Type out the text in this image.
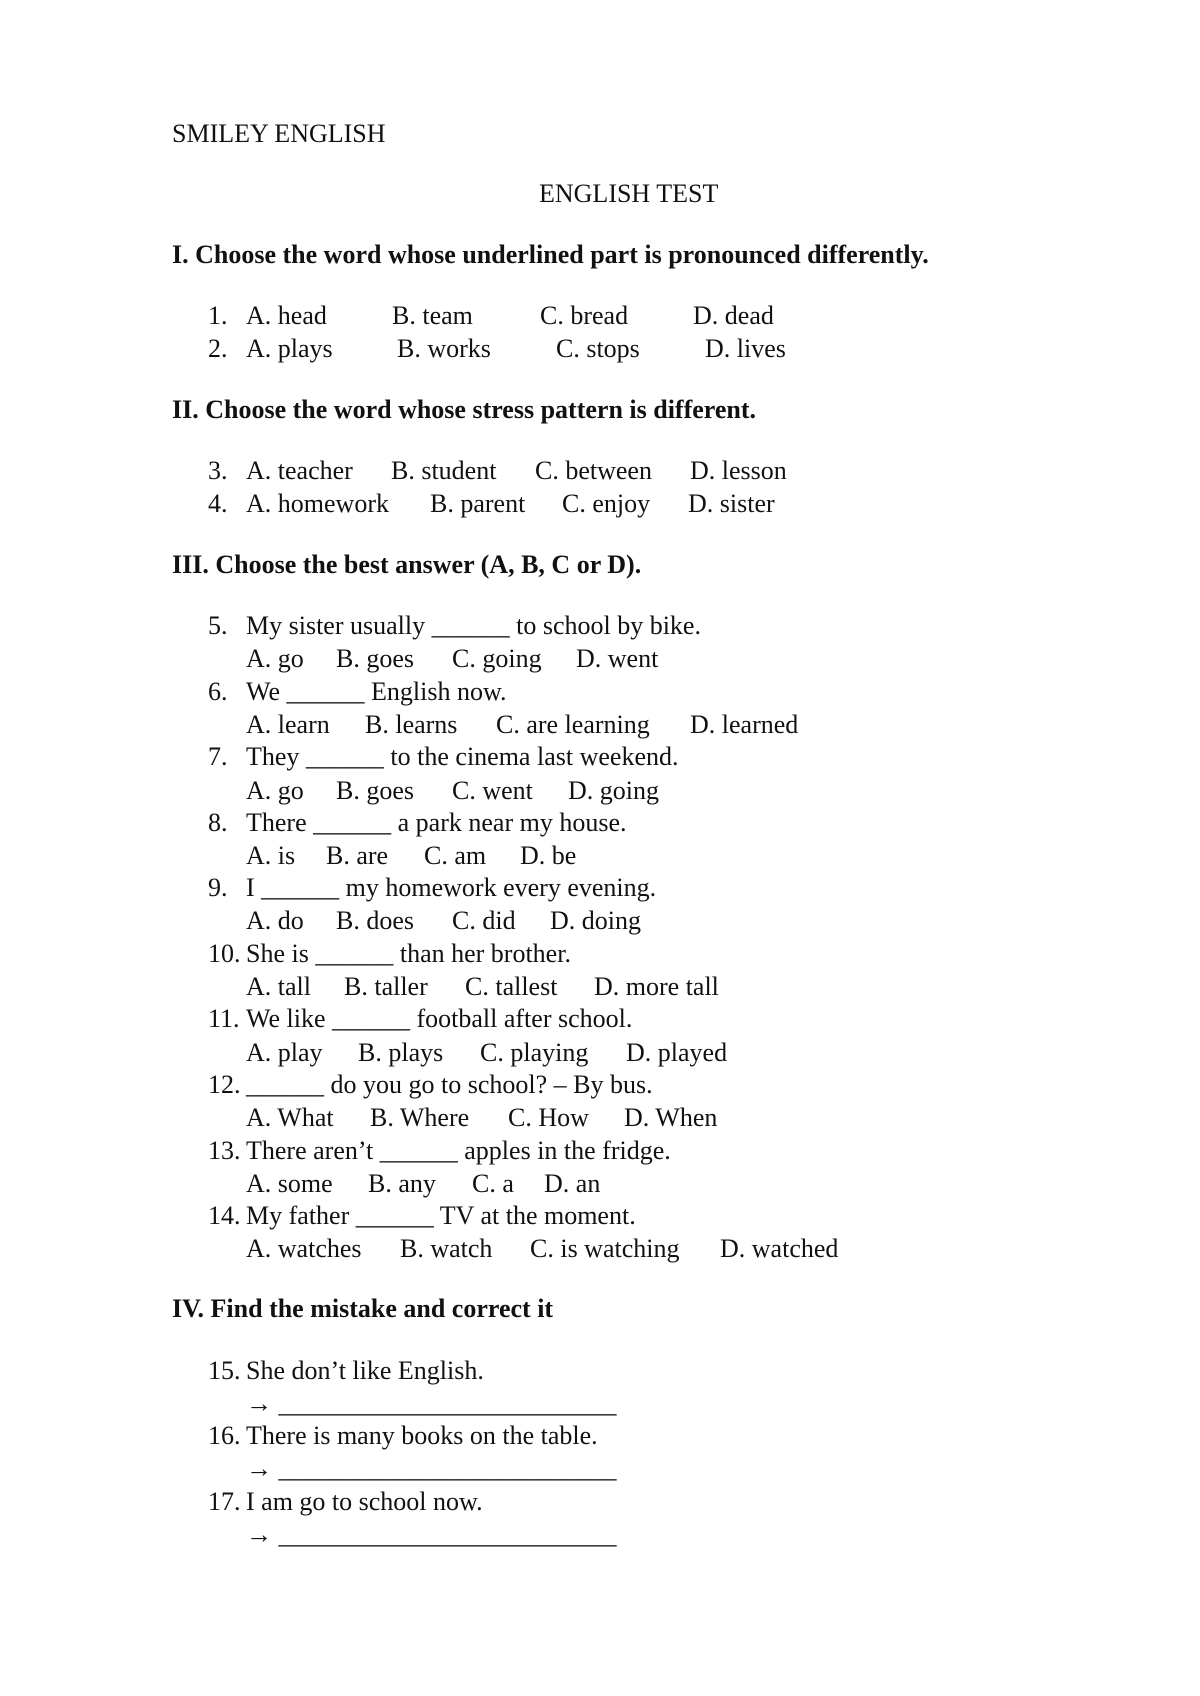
SMILEY ENGLISH
ENGLISH TEST
I. Choose the word whose underlined part is pronounced differently.
1. A. head	B. team	C. bread D. dead
2. A. plays B. works	C. stops	D. lives
II. Choose the word whose stress pattern is different.
3. A. teacher B. student C. between D. lesson
4. A. homework B. parent C. enjoy D. sister
III. Choose the best answer (A, B, C or D).
5. My sister usually ______ to school by bike.
A. go B. goes C. going D. went
6. We ______ English now.
A. learn B. learns C. are learning D. learned
7. They ______ to the cinema last weekend.
A. go B. goes C. went D. going
8. There ______ a park near my house.
A. is B. are C. am D. be
9. I ______ my homework every evening.
A. do B. does C. did D. doing
10. She is ______ than her brother.
A. tall B. taller C. tallest D. more tall
11. We like ______ football after school.
A. play B. plays C. playing D. played
12. ______ do you go to school? – By bus.
A. What B. Where C. How D. When
13. There aren’t ______ apples in the fridge.
A. some B. any C. a D. an
14. My father ______ TV at the moment.
A. watches B. watch C. is watching D. watched
IV. Find the mistake and correct it
15. She don’t like English.
→ __________________________
16. There is many books on the table.
→ __________________________
17. I am go to school now.
→ __________________________
